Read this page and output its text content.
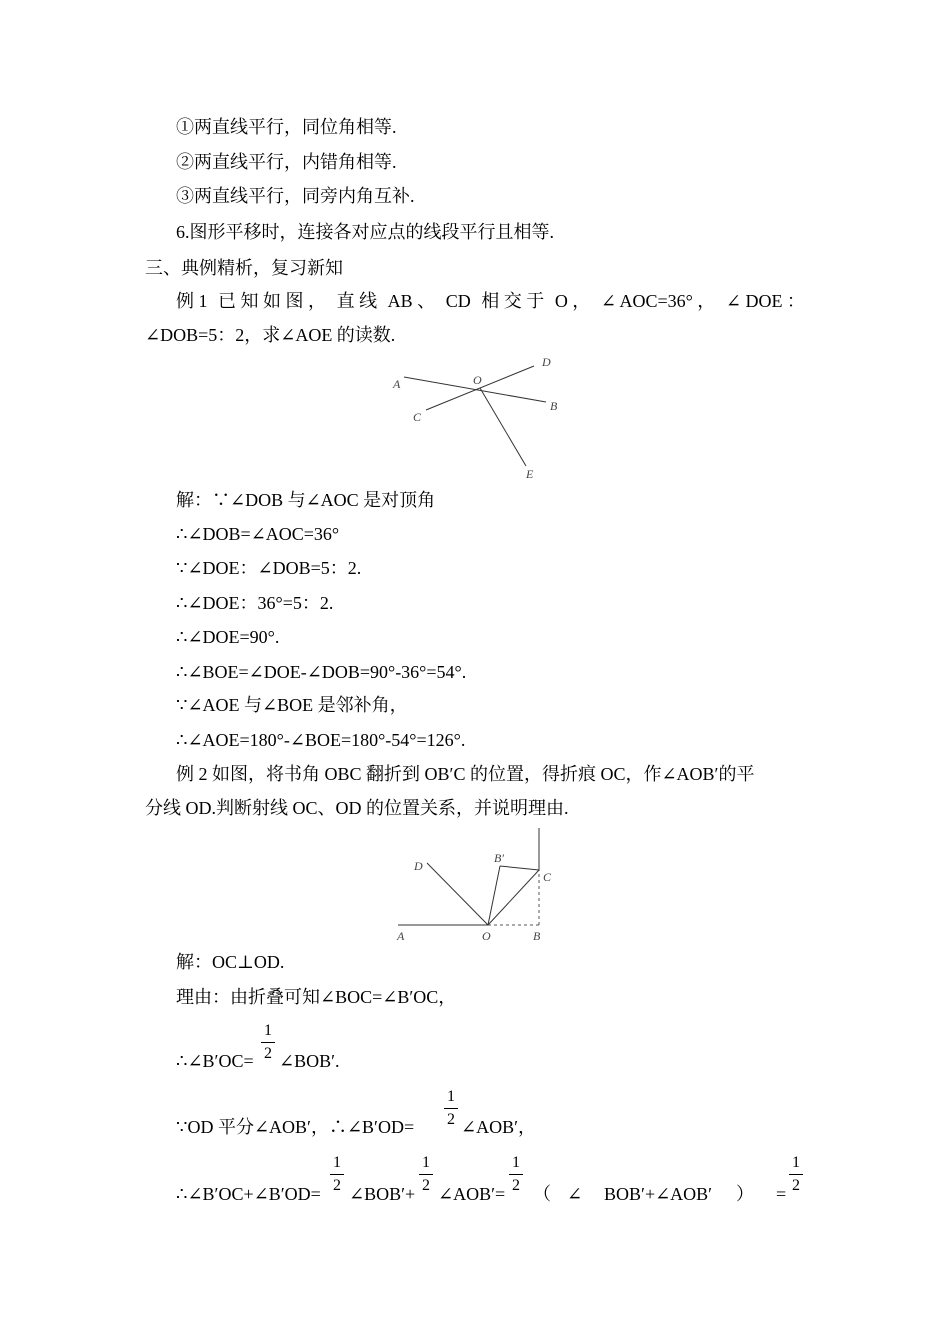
①两直线平行，同位角相等.
②两直线平行，内错角相等.
③两直线平行，同旁内角互补.
6.图形平移时，连接各对应点的线段平行且相等.
三、典例精析，复习新知
例 1 已 知 如 图 ， 直 线 AB 、 CD 相 交 于 O ， ∠ AOC=36° ， ∠ DOE ：
∠DOB=5：2，求∠AOE 的读数.
A	O
D
B
C
E
解：∵∠DOB 与∠AOC 是对顶角
∴∠DOB=∠AOC=36°
∵∠DOE：∠DOB=5：2.
∴∠DOE：36°=5：2.
∴∠DOE=90°.
∴∠BOE=∠DOE-∠DOB=90°-36°=54°.
∵∠AOE 与∠BOE 是邻补角，
∴∠AOE=180°-∠BOE=180°-54°=126°.
例 2 如图，将书角 OBC 翻折到 OB′C 的位置，得折痕 OC，作∠AOB′的平
分线 OD.判断射线 OC、OD 的位置关系，并说明理由.
D
B′
C
A	O	B
解：OC⊥OD.
理由：由折叠可知∠BOC=∠B′OC，
∴∠B′OC= $\frac{1}{2}$ ∠BOB′.
∵OD 平分∠AOB′，∴∠B′OD= $\frac{1}{2}$ ∠AOB′，
∴∠B′OC+∠B′OD= $\frac{1}{2}$ ∠BOB′+ $\frac{1}{2}$ ∠AOB′= $\frac{1}{2}$ （ ∠ BOB′+∠AOB′ ） = $\frac{1}{2}$
